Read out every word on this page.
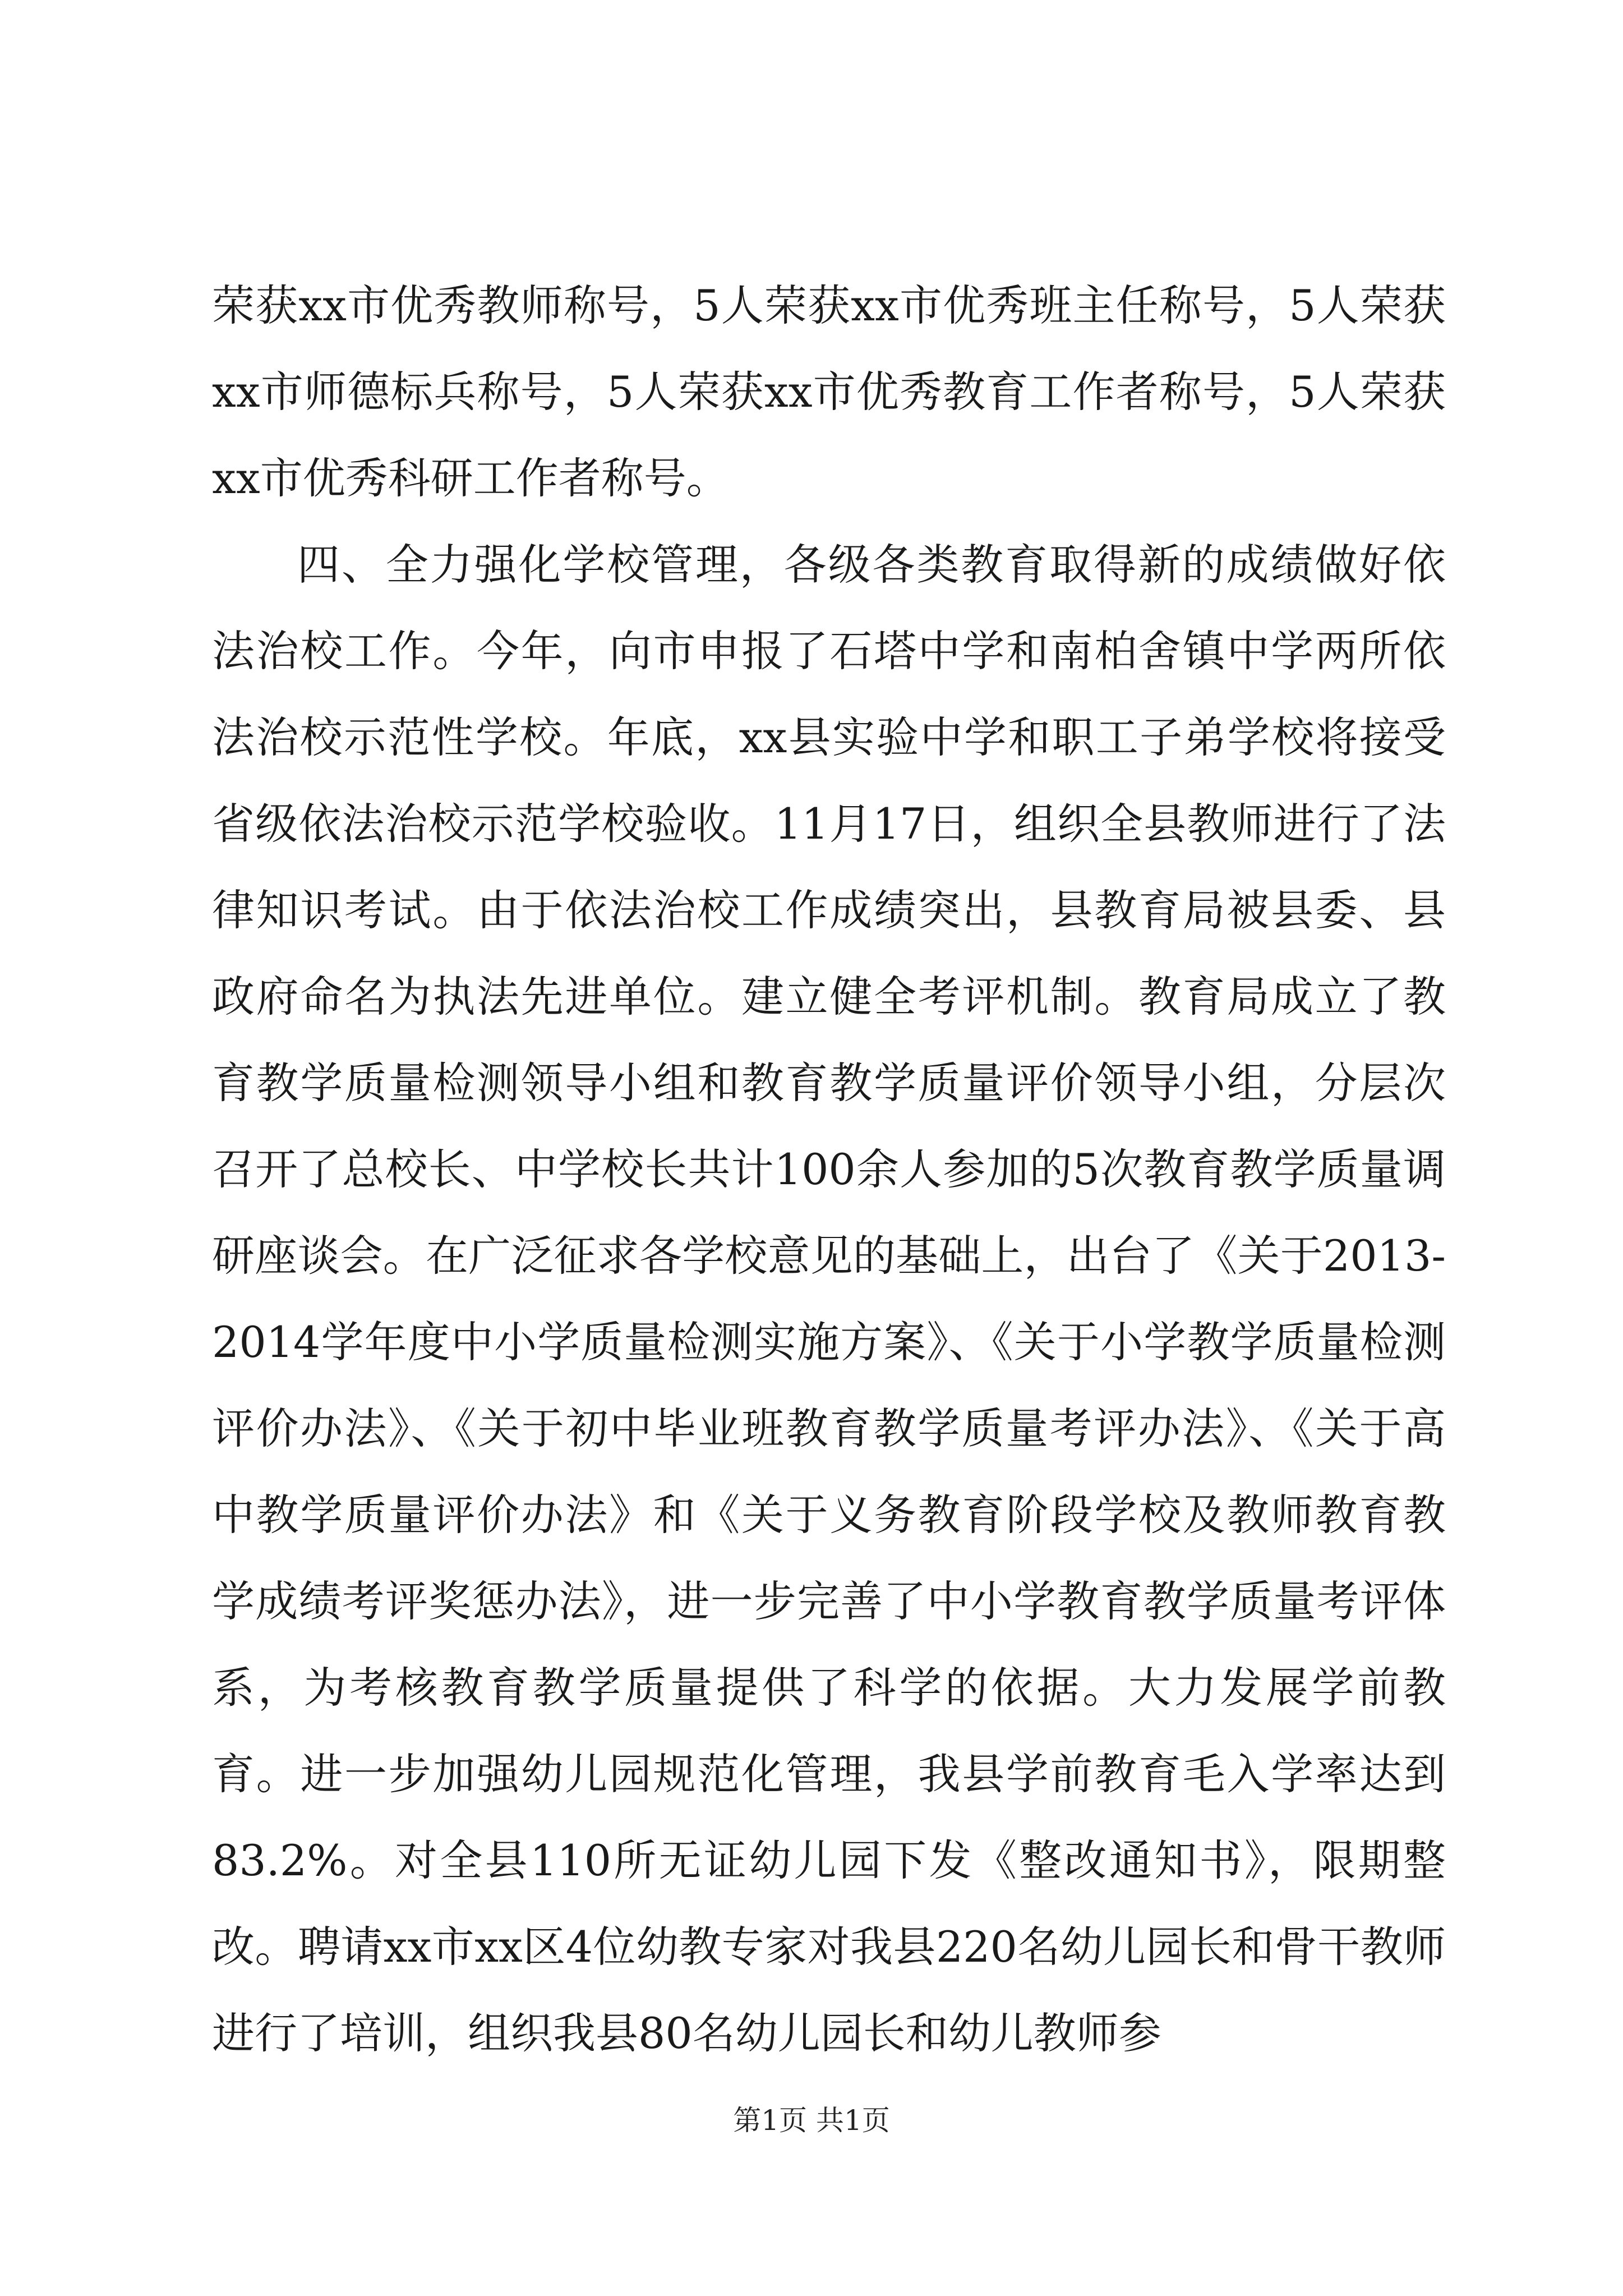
荣获xx市优秀教师称号，5人荣获xx市优秀班主任称号，5人荣获xx市师德标兵称号，5人荣获xx市优秀教育工作者称号，5人荣获xx市优秀科研工作者称号。

四、全力强化学校管理，各级各类教育取得新的成绩做好依法治校工作。今年，向市申报了石塔中学和南柏舍镇中学两所依法治校示范性学校。年底，xx县实验中学和职工子弟学校将接受省级依法治校示范学校验收。11月17日，组织全县教师进行了法律知识考试。由于依法治校工作成绩突出，县教育局被县委、县政府命名为执法先进单位。建立健全考评机制。教育局成立了教育教学质量检测领导小组和教育教学质量评价领导小组，分层次召开了总校长、中学校长共计100余人参加的5次教育教学质量调研座谈会。在广泛征求各学校意见的基础上，出台了《关于2013-2014学年度中小学质量检测实施方案》、《关于小学教学质量检测评价办法》、《关于初中毕业班教育教学质量考评办法》、《关于高中教学质量评价办法》和《关于义务教育阶段学校及教师教育教学成绩考评奖惩办法》，进一步完善了中小学教育教学质量考评体系，为考核教育教学质量提供了科学的依据。大力发展学前教育。进一步加强幼儿园规范化管理，我县学前教育毛入学率达到83.2%。对全县110所无证幼儿园下发《整改通知书》，限期整改。聘请xx市xx区4位幼教专家对我县220名幼儿园长和骨干教师进行了培训，组织我县80名幼儿园长和幼儿教师参

第1页 共1页
